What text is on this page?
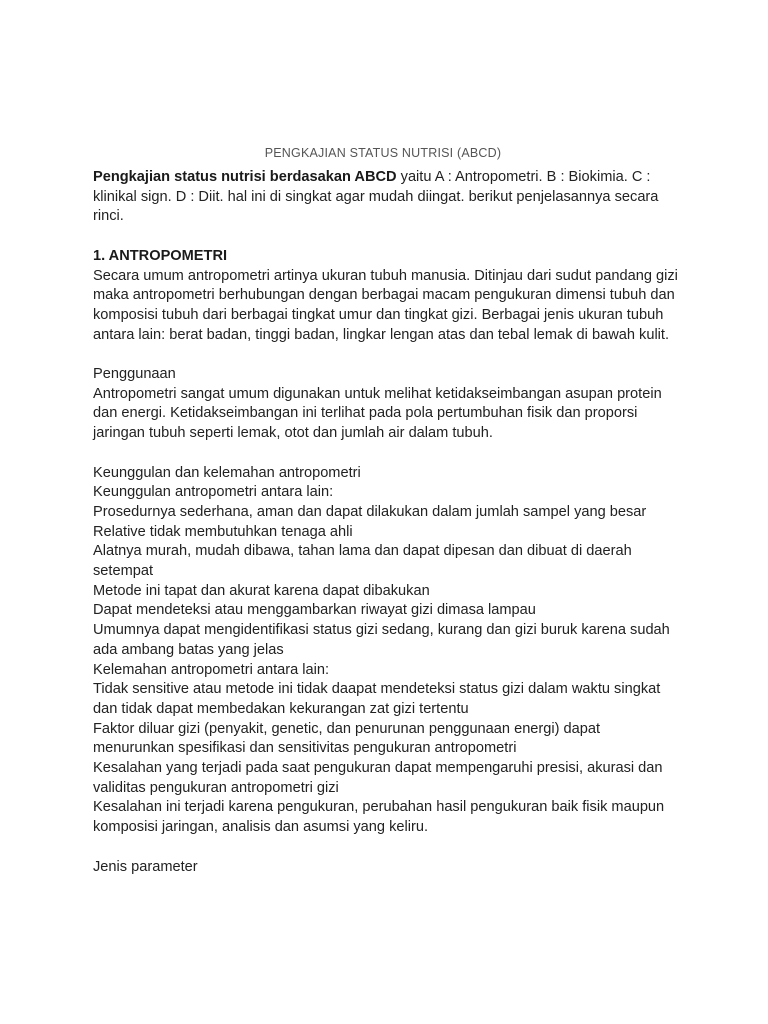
PENGKAJIAN STATUS NUTRISI (ABCD)

Pengkajian status nutrisi berdasakan ABCD yaitu A : Antropometri. B : Biokimia. C : klinikal sign. D : Diit. hal ini di singkat agar mudah diingat. berikut penjelasannya secara rinci.

1. ANTROPOMETRI

Secara umum antropometri artinya ukuran tubuh manusia. Ditinjau dari sudut pandang gizi maka antropometri berhubungan dengan berbagai macam pengukuran dimensi tubuh dan komposisi tubuh dari berbagai tingkat umur dan tingkat gizi. Berbagai jenis ukuran tubuh antara lain: berat badan, tinggi badan, lingkar lengan atas dan tebal lemak di bawah kulit.

Penggunaan

Antropometri sangat umum digunakan untuk melihat ketidakseimbangan asupan protein dan energi. Ketidakseimbangan ini terlihat pada pola pertumbuhan fisik dan proporsi jaringan tubuh seperti lemak, otot dan jumlah air dalam tubuh.

Keunggulan dan kelemahan antropometri

Keunggulan antropometri antara lain:

Prosedurnya sederhana, aman dan dapat dilakukan dalam jumlah sampel yang besar

Relative tidak membutuhkan tenaga ahli

Alatnya murah, mudah dibawa, tahan lama dan dapat dipesan dan dibuat di daerah setempat

Metode ini tapat dan akurat karena dapat dibakukan

Dapat mendeteksi atau menggambarkan riwayat gizi dimasa lampau

Umumnya dapat mengidentifikasi status gizi sedang, kurang dan gizi buruk karena sudah ada ambang batas yang jelas

Kelemahan antropometri antara lain:

Tidak sensitive atau metode ini tidak daapat mendeteksi status gizi dalam waktu singkat dan tidak dapat membedakan kekurangan zat gizi tertentu

Faktor diluar gizi (penyakit, genetic, dan penurunan penggunaan energi) dapat menurunkan spesifikasi dan sensitivitas pengukuran antropometri

Kesalahan yang terjadi pada saat pengukuran dapat mempengaruhi presisi, akurasi dan validitas pengukuran antropometri gizi

Kesalahan ini terjadi karena pengukuran, perubahan hasil pengukuran baik fisik maupun komposisi jaringan, analisis dan asumsi yang keliru.

Jenis parameter
